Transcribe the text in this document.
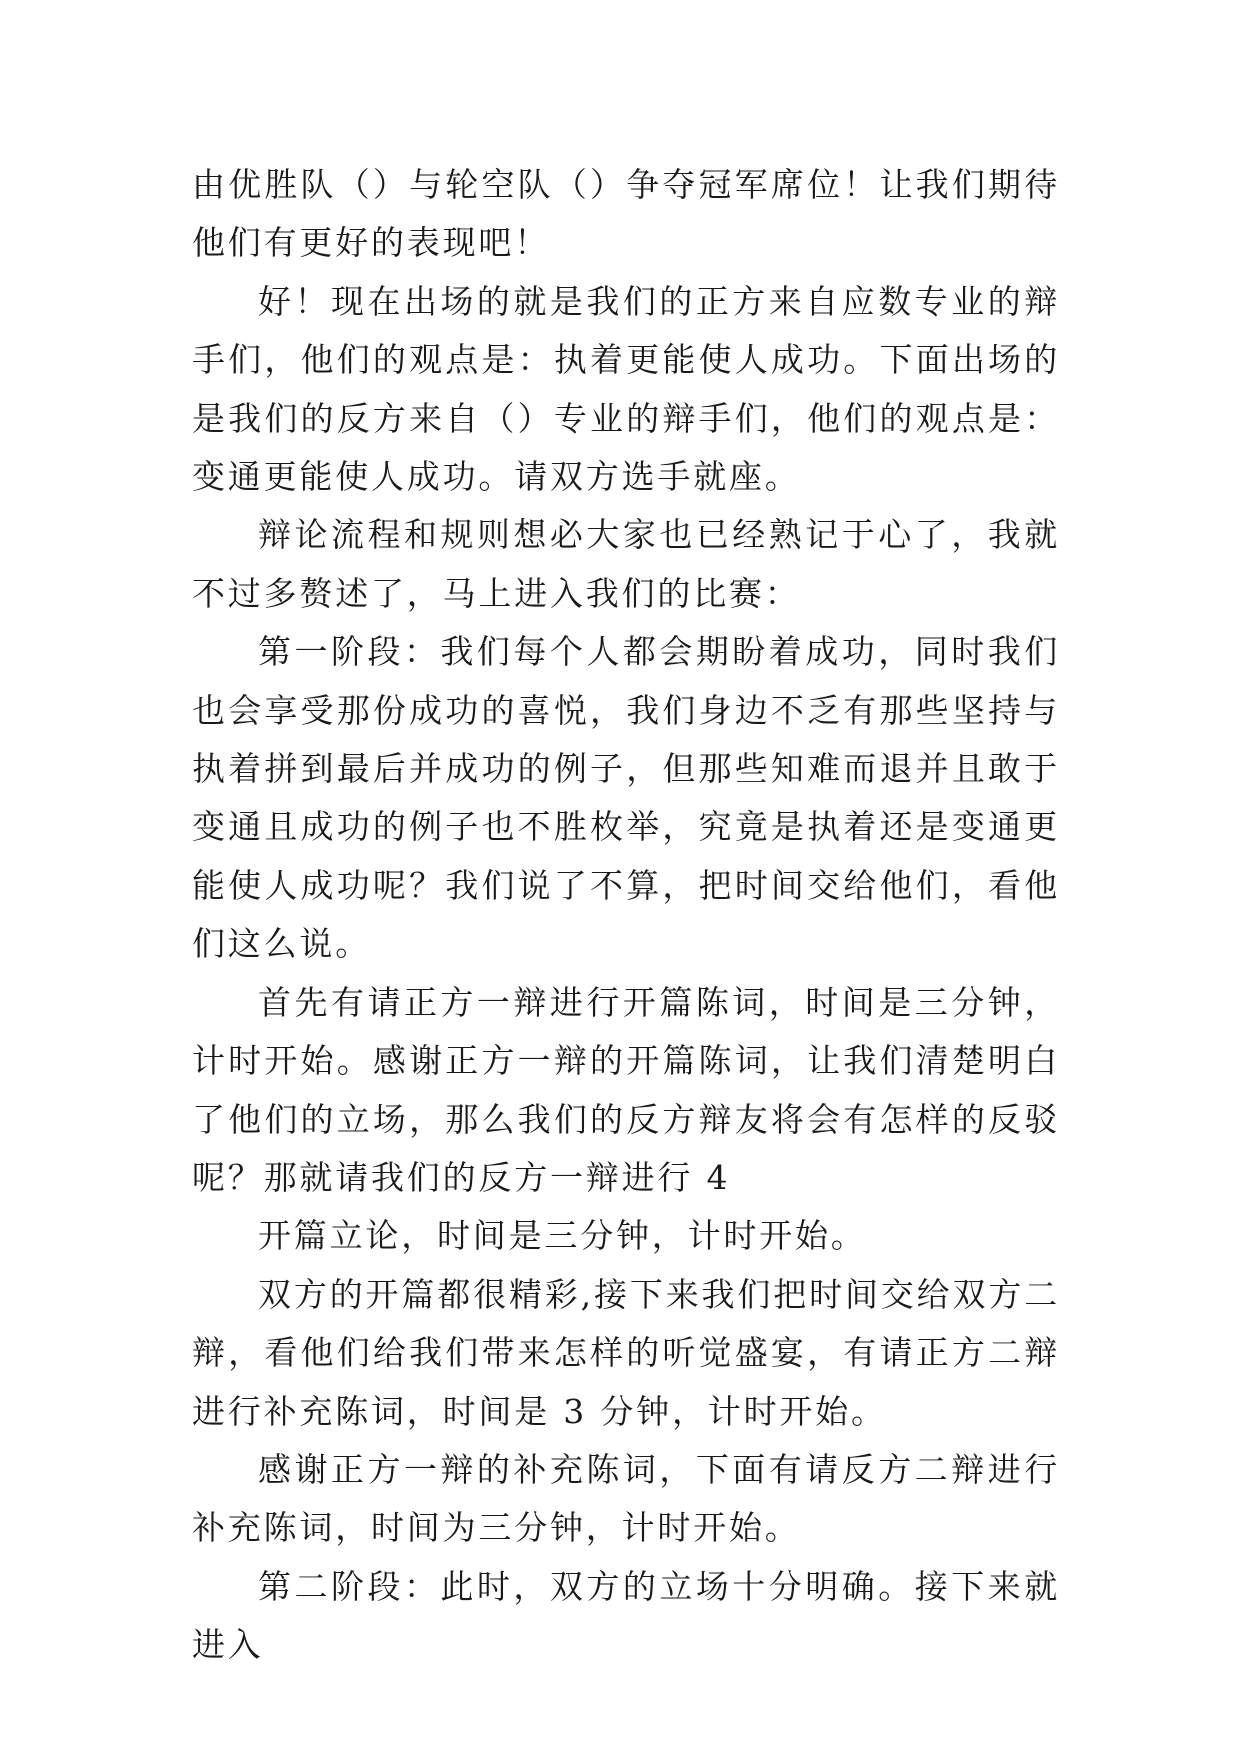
由优胜队（）与轮空队（）争夺冠军席位！让我们期待他们有更好的表现吧！

好！现在出场的就是我们的正方来自应数专业的辩手们，他们的观点是：执着更能使人成功。下面出场的是我们的反方来自（）专业的辩手们，他们的观点是：变通更能使人成功。请双方选手就座。

辩论流程和规则想必大家也已经熟记于心了，我就不过多赘述了，马上进入我们的比赛：

第一阶段：我们每个人都会期盼着成功，同时我们也会享受那份成功的喜悦，我们身边不乏有那些坚持与执着拼到最后并成功的例子，但那些知难而退并且敢于变通且成功的例子也不胜枚举，究竟是执着还是变通更能使人成功呢？我们说了不算，把时间交给他们，看他们这么说。

首先有请正方一辩进行开篇陈词，时间是三分钟，计时开始。感谢正方一辩的开篇陈词，让我们清楚明白了他们的立场，那么我们的反方辩友将会有怎样的反驳呢？那就请我们的反方一辩进行 4

开篇立论，时间是三分钟，计时开始。

双方的开篇都很精彩,接下来我们把时间交给双方二辩，看他们给我们带来怎样的听觉盛宴，有请正方二辩进行补充陈词，时间是 3 分钟，计时开始。

感谢正方一辩的补充陈词，下面有请反方二辩进行补充陈词，时间为三分钟，计时开始。

第二阶段：此时，双方的立场十分明确。接下来就进入
